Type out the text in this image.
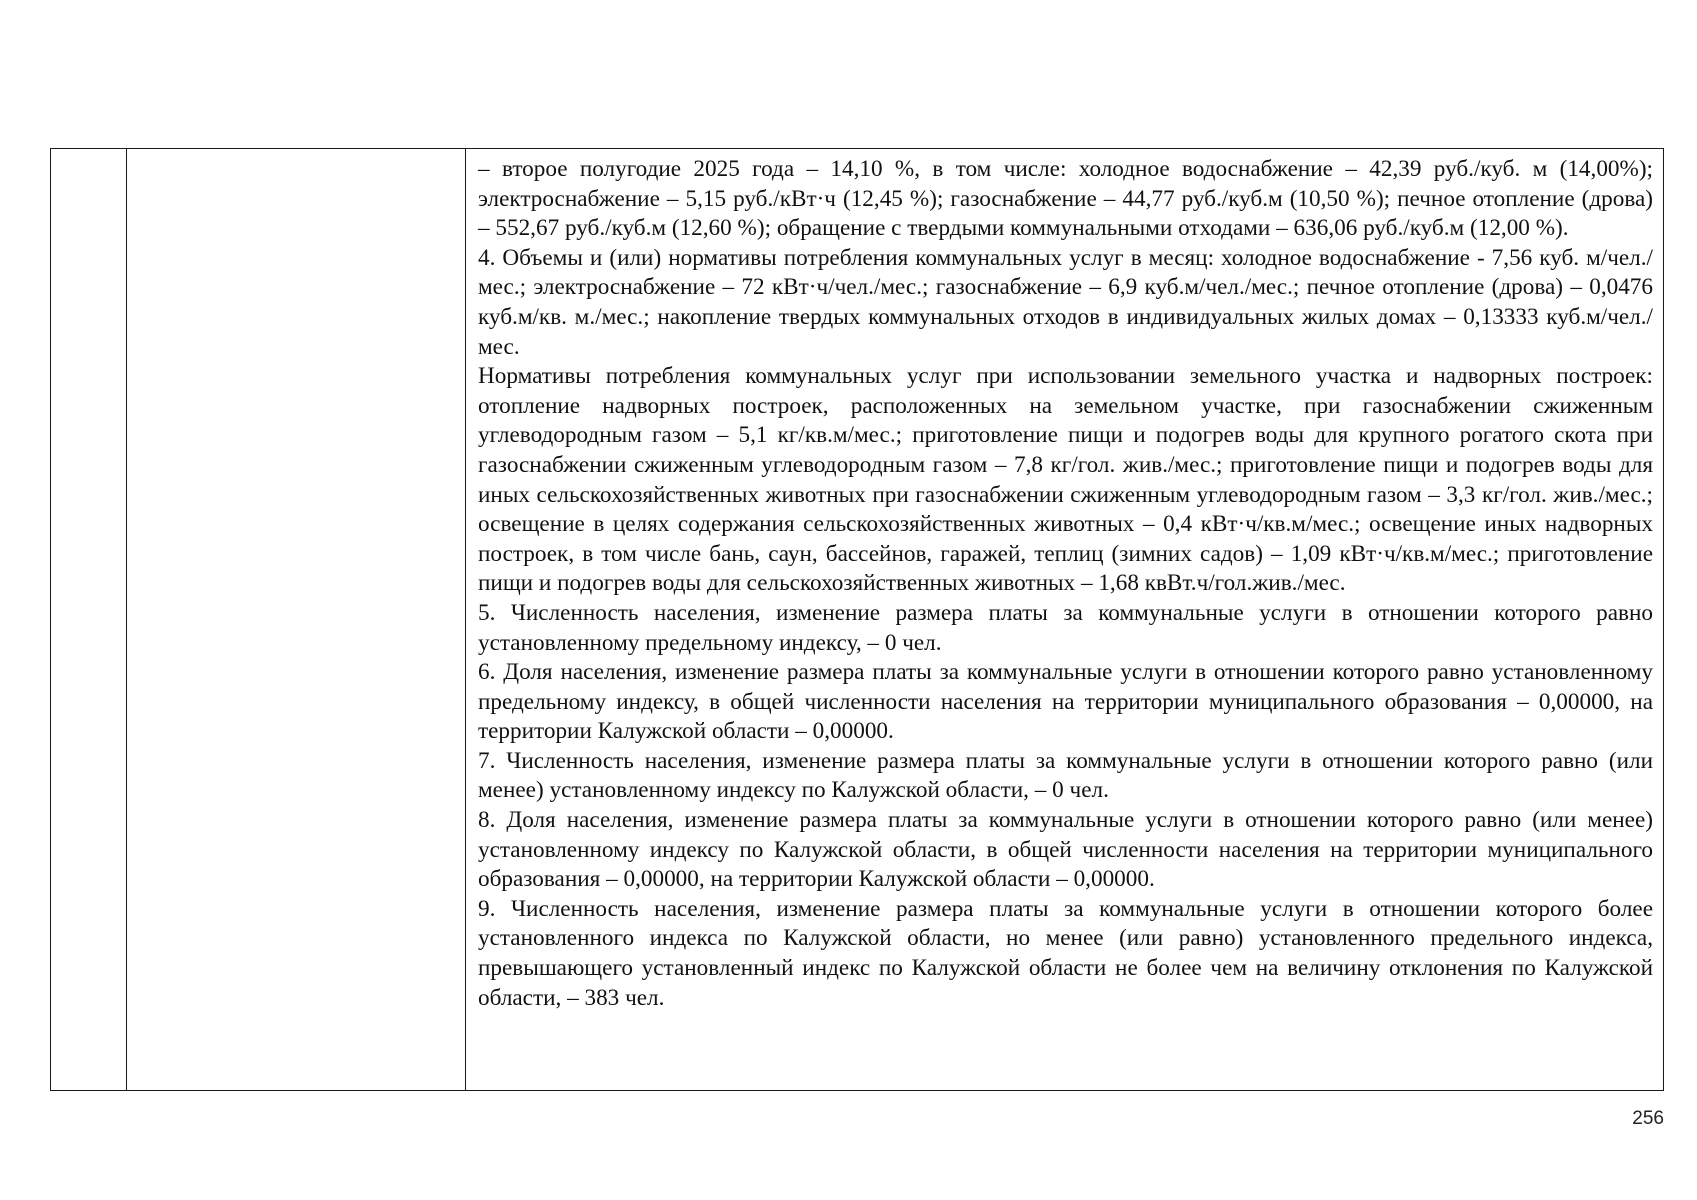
– второе полугодие 2025 года – 14,10 %, в том числе: холодное водоснабжение – 42,39 руб./куб. м (14,00%); электроснабжение – 5,15 руб./кВт·ч (12,45 %); газоснабжение – 44,77 руб./куб.м (10,50 %); печное отопление (дрова) – 552,67 руб./куб.м (12,60 %); обращение с твердыми коммунальными отходами – 636,06 руб./куб.м (12,00 %).

4. Объемы и (или) нормативы потребления коммунальных услуг в месяц: холодное водоснабжение - 7,56 куб. м/чел./мес.; электроснабжение – 72 кВт·ч/чел./мес.; газоснабжение – 6,9 куб.м/чел./мес.; печное отопление (дрова) – 0,0476 куб.м/кв. м./мес.; накопление твердых коммунальных отходов в индивидуальных жилых домах – 0,13333 куб.м/чел./мес.

Нормативы потребления коммунальных услуг при использовании земельного участка и надворных построек: отопление надворных построек, расположенных на земельном участке, при газоснабжении сжиженным углеводородным газом – 5,1 кг/кв.м/мес.; приготовление пищи и подогрев воды для крупного рогатого скота при газоснабжении сжиженным углеводородным газом – 7,8 кг/гол. жив./мес.; приготовление пищи и подогрев воды для иных сельскохозяйственных животных при газоснабжении сжиженным углеводородным газом – 3,3 кг/гол. жив./мес.; освещение в целях содержания сельскохозяйственных животных – 0,4 кВт·ч/кв.м/мес.; освещение иных надворных построек, в том числе бань, саун, бассейнов, гаражей, теплиц (зимних садов) – 1,09 кВт·ч/кв.м/мес.; приготовление пищи и подогрев воды для сельскохозяйственных животных – 1,68 квВт.ч/гол.жив./мес.

5. Численность населения, изменение размера платы за коммунальные услуги в отношении которого равно установленному предельному индексу, – 0 чел.

6. Доля населения, изменение размера платы за коммунальные услуги в отношении которого равно установленному предельному индексу, в общей численности населения на территории муниципального образования – 0,00000, на территории Калужской области – 0,00000.

7. Численность населения, изменение размера платы за коммунальные услуги в отношении которого равно (или менее) установленному индексу по Калужской области, – 0 чел.

8. Доля населения, изменение размера платы за коммунальные услуги в отношении которого равно (или менее) установленному индексу по Калужской области, в общей численности населения на территории муниципального образования – 0,00000, на территории Калужской области – 0,00000.

9. Численность населения, изменение размера платы за коммунальные услуги в отношении которого более установленного индекса по Калужской области, но менее (или равно) установленного предельного индекса, превышающего установленный индекс по Калужской области не более чем на величину отклонения по Калужской области, – 383 чел.

256
